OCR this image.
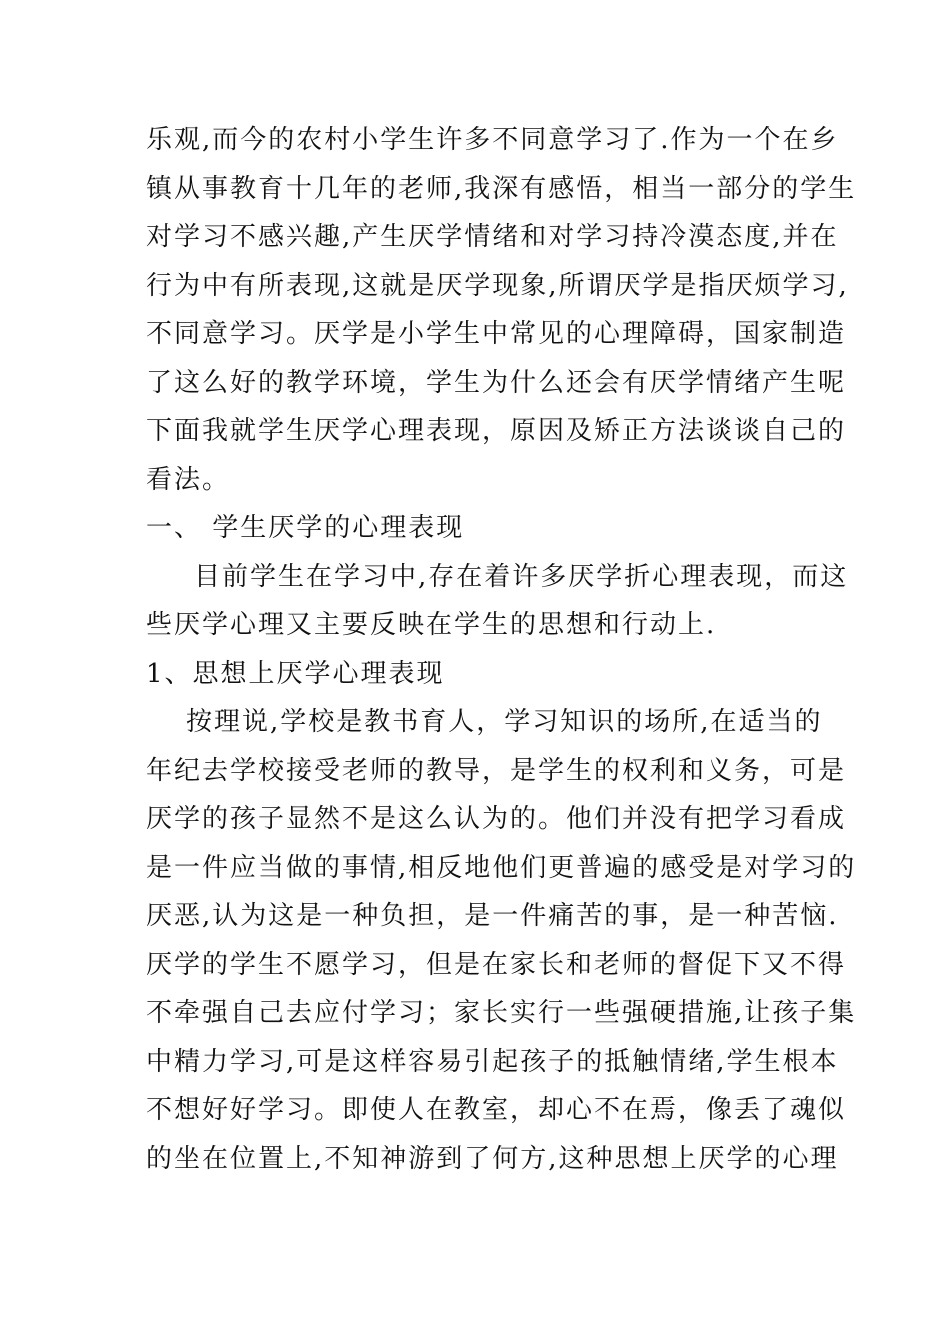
乐观,而今的农村小学生许多不同意学习了.作为一个在乡
镇从事教育十几年的老师,我深有感悟，相当一部分的学生
对学习不感兴趣,产生厌学情绪和对学习持冷漠态度,并在
行为中有所表现,这就是厌学现象,所谓厌学是指厌烦学习,
不同意学习。厌学是小学生中常见的心理障碍，国家制造
了这么好的教学环境，学生为什么还会有厌学情绪产生呢
下面我就学生厌学心理表现，原因及矫正方法谈谈自己的
看法。
一、 学生厌学的心理表现
目前学生在学习中,存在着许多厌学折心理表现，而这
些厌学心理又主要反映在学生的思想和行动上.
1、思想上厌学心理表现
按理说,学校是教书育人，学习知识的场所,在适当的
年纪去学校接受老师的教导，是学生的权利和义务，可是
厌学的孩子显然不是这么认为的。他们并没有把学习看成
是一件应当做的事情,相反地他们更普遍的感受是对学习的
厌恶,认为这是一种负担，是一件痛苦的事，是一种苦恼.
厌学的学生不愿学习，但是在家长和老师的督促下又不得
不牵强自己去应付学习；家长实行一些强硬措施,让孩子集
中精力学习,可是这样容易引起孩子的抵触情绪,学生根本
不想好好学习。即使人在教室，却心不在焉，像丢了魂似
的坐在位置上,不知神游到了何方,这种思想上厌学的心理
